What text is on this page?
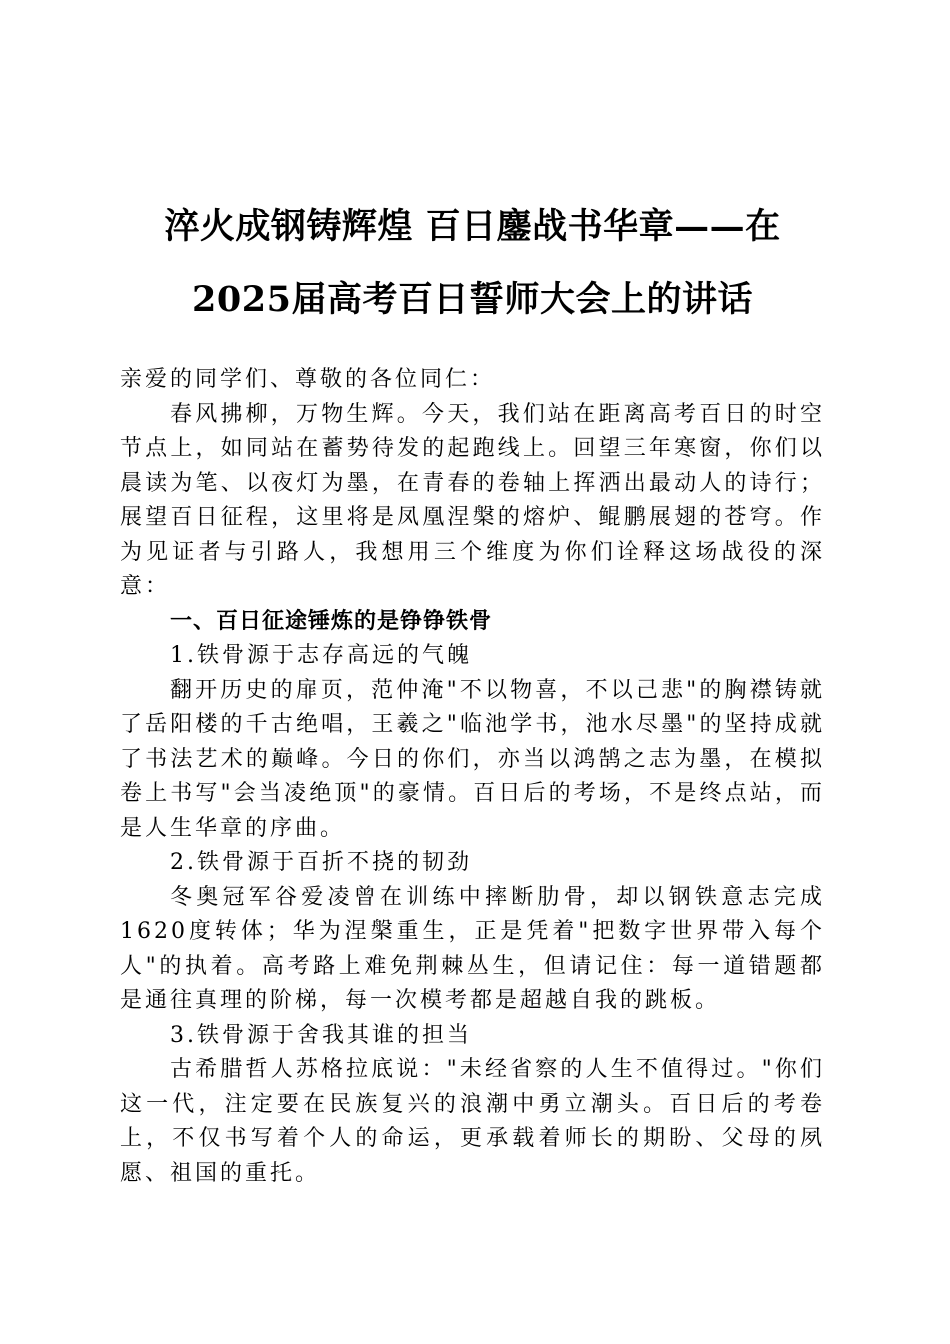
淬火成钢铸辉煌 百日鏖战书华章——在2025届高考百日誓师大会上的讲话

亲爱的同学们、尊敬的各位同仁：

春风拂柳，万物生辉。今天，我们站在距离高考百日的时空节点上，如同站在蓄势待发的起跑线上。回望三年寒窗，你们以晨读为笔、以夜灯为墨，在青春的卷轴上挥洒出最动人的诗行；展望百日征程，这里将是凤凰涅槃的熔炉、鲲鹏展翅的苍穹。作为见证者与引路人，我想用三个维度为你们诠释这场战役的深意：

一、百日征途锤炼的是铮铮铁骨

1.铁骨源于志存高远的气魄

翻开历史的扉页，范仲淹"不以物喜，不以己悲"的胸襟铸就了岳阳楼的千古绝唱，王羲之"临池学书，池水尽墨"的坚持成就了书法艺术的巅峰。今日的你们，亦当以鸿鹄之志为墨，在模拟卷上书写"会当凌绝顶"的豪情。百日后的考场，不是终点站，而是人生华章的序曲。

2.铁骨源于百折不挠的韧劲

冬奥冠军谷爱凌曾在训练中摔断肋骨，却以钢铁意志完成1620度转体；华为涅槃重生，正是凭着"把数字世界带入每个人"的执着。高考路上难免荆棘丛生，但请记住：每一道错题都是通往真理的阶梯，每一次模考都是超越自我的跳板。

3.铁骨源于舍我其谁的担当

古希腊哲人苏格拉底说："未经省察的人生不值得过。"你们这一代，注定要在民族复兴的浪潮中勇立潮头。百日后的考卷上，不仅书写着个人的命运，更承载着师长的期盼、父母的夙愿、祖国的重托。
